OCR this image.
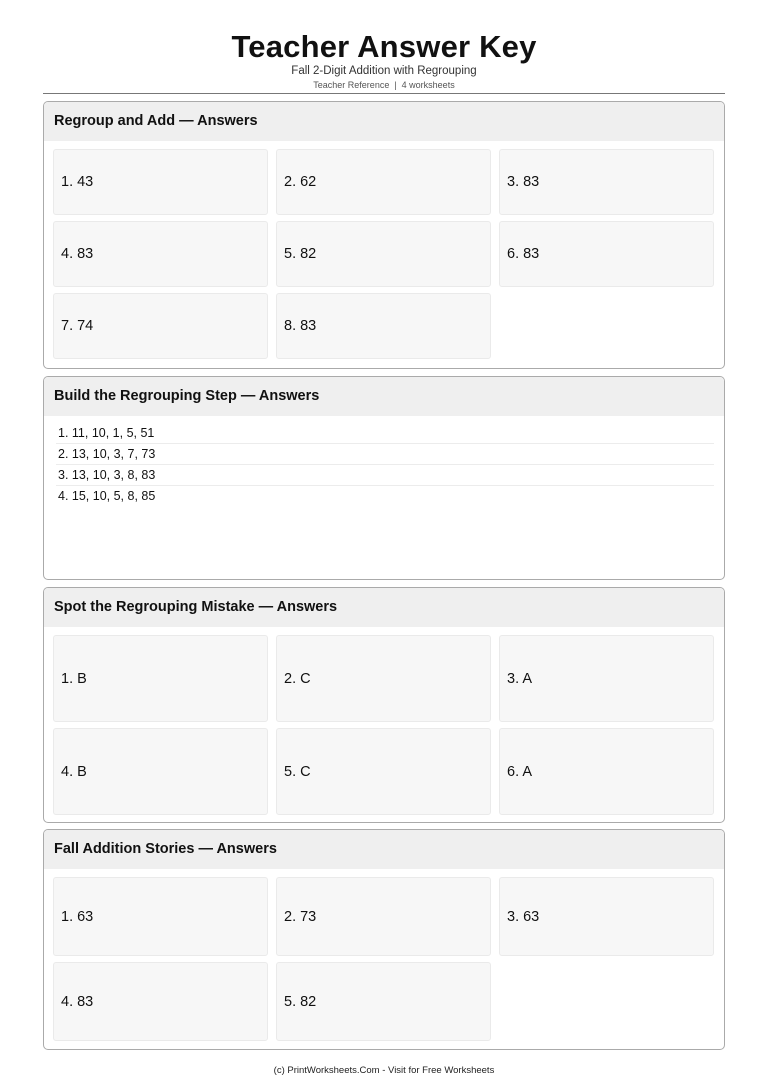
Teacher Answer Key
Fall 2-Digit Addition with Regrouping
Teacher Reference  |  4 worksheets
Regroup and Add — Answers
1. 43	2. 62	3. 83
4. 83	5. 82	6. 83
7. 74	8. 83
Build the Regrouping Step — Answers
1. 11, 10, 1, 5, 51
2. 13, 10, 3, 7, 73
3. 13, 10, 3, 8, 83
4. 15, 10, 5, 8, 85
Spot the Regrouping Mistake — Answers
1. B	2. C	3. A
4. B	5. C	6. A
Fall Addition Stories — Answers
1. 63	2. 73	3. 63
4. 83	5. 82
(c) PrintWorksheets.Com - Visit for Free Worksheets
